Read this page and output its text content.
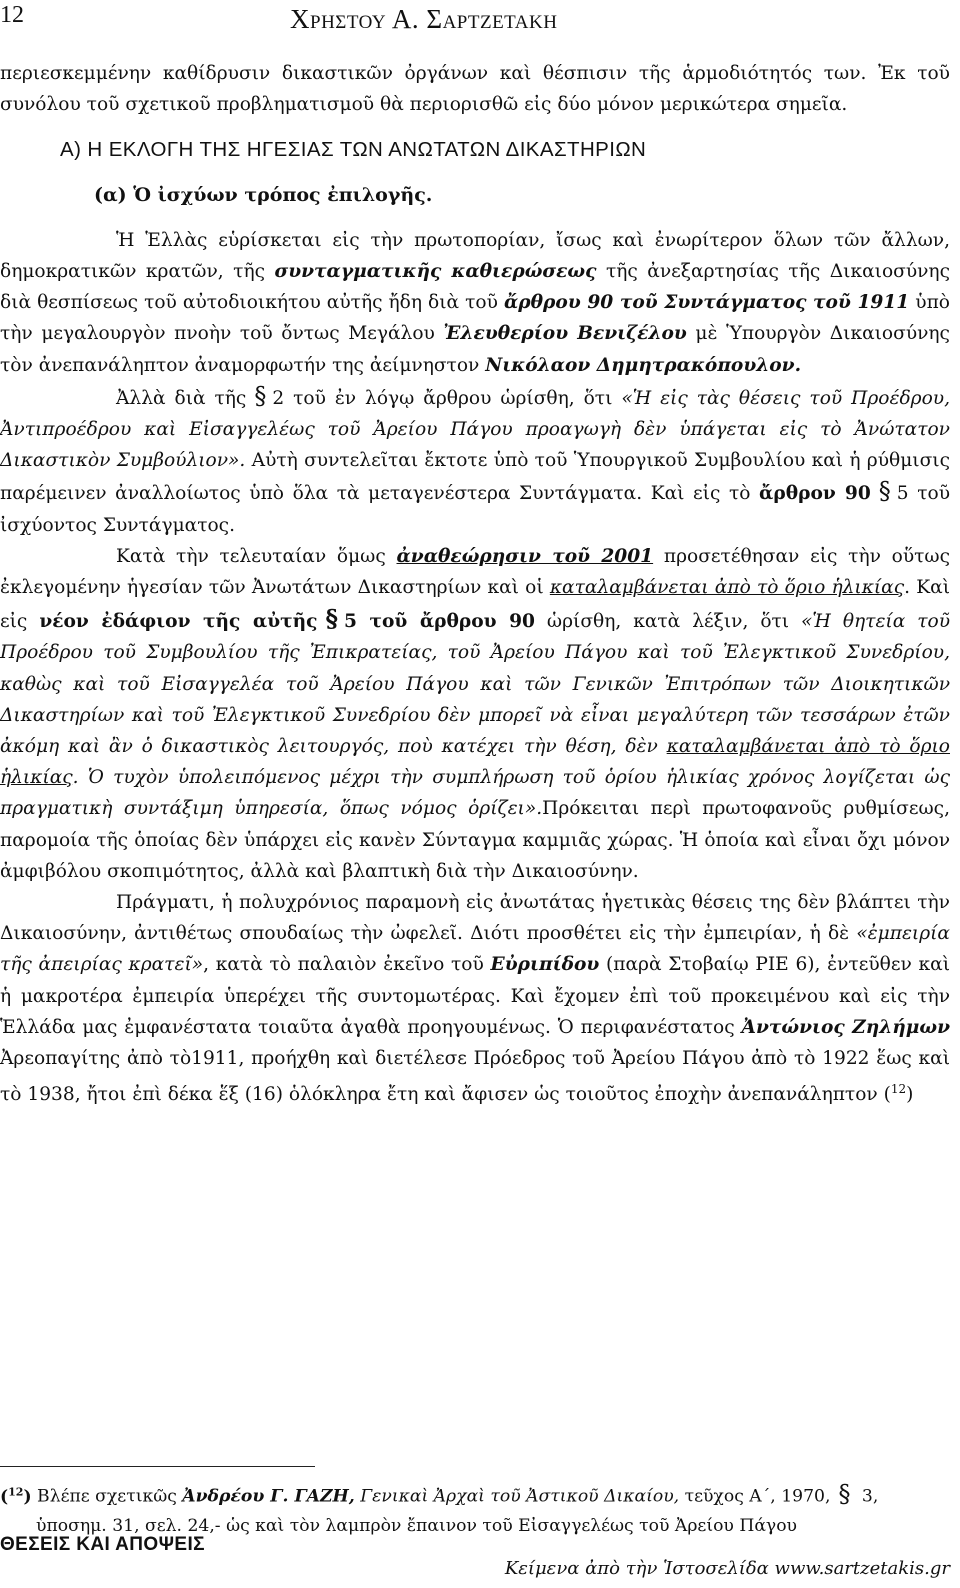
12	Χρηστου Α. Σαρτζετακη

περιεσκεμμένην καθίδρυσιν δικαστικῶν ὀργάνων καὶ θέσπισιν τῆς ἁρμοδιότητός των. Ἐκ τοῦ συνόλου τοῦ σχετικοῦ προβληματισμοῦ θὰ περιορισθῶ εἰς δύο μόνον μερικώτερα σημεῖα.

Α) Η ΕΚΛΟΓΗ ΤΗΣ ΗΓΕΣΙΑΣ ΤΩΝ ΑΝΩΤΑΤΩΝ ΔΙΚΑΣΤΗΡΙΩΝ

(α) Ὁ ἰσχύων τρόπος ἐπιλογῆς.

Ἡ Ἑλλὰς εὑρίσκεται εἰς τὴν πρωτοπορίαν, ἴσως καὶ ἐνωρίτερον ὅλων τῶν ἄλλων, δημοκρατικῶν κρατῶν, τῆς συνταγματικῆς καθιερώσεως τῆς ἀνεξαρτησίας τῆς Δικαιοσύνης διὰ θεσπίσεως τοῦ αὐτοδιοικήτου αὐτῆς ἤδη διὰ τοῦ ἄρθρου 90 τοῦ Συντάγματος τοῦ 1911 ὑπὸ τὴν μεγαλουργὸν πνοὴν τοῦ ὄντως Μεγάλου Ἐλευθερίου Βενιζέλου μὲ Ὑπουργὸν Δικαιοσύνης τὸν ἀνεπανάληπτον ἀναμορφωτήν της ἀείμνηστον Νικόλαον Δημητρακόπουλον.

Ἀλλὰ διὰ τῆς § 2 τοῦ ἐν λόγῳ ἄρθρου ὡρίσθη, ὅτι «Ἡ εἰς τὰς θέσεις τοῦ Προέδρου, Ἀντιπροέδρου καὶ Εἰσαγγελέως τοῦ Ἀρείου Πάγου προαγωγὴ δὲν ὑπάγεται εἰς τὸ Ἀνώτατον Δικαστικὸν Συμβούλιον». Αὐτὴ συντελεῖται ἔκτοτε ὑπὸ τοῦ Ὑπουργικοῦ Συμβουλίου καὶ ἡ ρύθμισις παρέμεινεν ἀναλλοίωτος ὑπὸ ὅλα τὰ μεταγενέστερα Συντάγματα. Καὶ εἰς τὸ ἄρθρον 90 § 5 τοῦ ἰσχύοντος Συντάγματος.

Κατὰ τὴν τελευταίαν ὅμως ἀναθεώρησιν τοῦ 2001 προσετέθησαν εἰς τὴν οὕτως ἐκλεγομένην ἡγεσίαν τῶν Ἀνωτάτων Δικαστηρίων καὶ οἱ καταλαμβάνεται ἀπὸ τὸ ὅριο ἡλικίας. Καὶ εἰς νέον ἐδάφιον τῆς αὐτῆς § 5 τοῦ ἄρθρου 90 ὡρίσθη, κατὰ λέξιν, ὅτι «Ἡ θητεία τοῦ Προέδρου τοῦ Συμβουλίου τῆς Ἐπικρατείας, τοῦ Ἀρείου Πάγου καὶ τοῦ Ἐλεγκτικοῦ Συνεδρίου, καθὼς καὶ τοῦ Εἰσαγγελέα τοῦ Ἀρείου Πάγου καὶ τῶν Γενικῶν Ἐπιτρόπων τῶν Διοικητικῶν Δικαστηρίων καὶ τοῦ Ἐλεγκτικοῦ Συνεδρίου δὲν μπορεῖ νὰ εἶναι μεγαλύτερη τῶν τεσσάρων ἐτῶν ἀκόμη καὶ ἂν ὁ δικαστικὸς λειτουργός, ποὺ κατέχει τὴν θέση, δὲν καταλαμβάνεται ἀπὸ τὸ ὅριο ἡλικίας. Ὁ τυχὸν ὑπολειπόμενος μέχρι τὴν συμπλήρωση τοῦ ὁρίου ἡλικίας χρόνος λογίζεται ὡς πραγματικὴ συντάξιμη ὑπηρεσία, ὅπως νόμος ὁρίζει».Πρόκειται περὶ πρωτοφανοῦς ρυθμίσεως, παρομοία τῆς ὁποίας δὲν ὑπάρχει εἰς κανὲν Σύνταγμα καμμιᾶς χώρας. Ἡ ὁποία καὶ εἶναι ὄχι μόνον ἀμφιβόλου σκοπιμότητος, ἀλλὰ καὶ βλαπτικὴ διὰ τὴν Δικαιοσύνην.

Πράγματι, ἡ πολυχρόνιος παραμονὴ εἰς ἀνωτάτας ἡγετικὰς θέσεις της δὲν βλάπτει τὴν Δικαιοσύνην, ἀντιθέτως σπουδαίως τὴν ὠφελεῖ. Διότι προσθέτει εἰς τὴν ἐμπειρίαν, ἡ δὲ «ἐμπειρία τῆς ἀπειρίας κρατεῖ», κατὰ τὸ παλαιὸν ἐκεῖνο τοῦ Εὐριπίδου (παρὰ Στοβαίῳ ΡΙΕ 6), ἐντεῦθεν καὶ ἡ μακροτέρα ἐμπειρία ὑπερέχει τῆς συντομωτέρας. Καὶ ἔχομεν ἐπὶ τοῦ προκειμένου καὶ εἰς τὴν Ἑλλάδα μας ἐμφανέστατα τοιαῦτα ἀγαθὰ προηγουμένως. Ὁ περιφανέστατος Ἀντώνιος Ζηλήμων Ἀρεοπαγίτης ἀπὸ τὸ1911, προήχθη καὶ διετέλεσε Πρόεδρος τοῦ Ἀρείου Πάγου ἀπὸ τὸ 1922 ἕως καὶ τὸ 1938, ἤτοι ἐπὶ δέκα ἕξ (16) ὁλόκληρα ἔτη καὶ ἄφισεν ὡς τοιοῦτος ἐποχὴν ἀνεπανάληπτον ($^{12}$)

($^{12}$) Βλέπε σχετικῶς Ἀνδρέου Γ. ΓΑΖΗ, Γενικαὶ Ἀρχαὶ τοῦ Ἀστικοῦ Δικαίου, τεῦχος Α΄, 1970, § 3,
ὑποσημ. 31, σελ. 24,- ὡς καὶ τὸν λαμπρὸν ἔπαινον τοῦ Εἰσαγγελέως τοῦ Ἀρείου Πάγου
ΘΕΣΕΙΣ ΚΑΙ ΑΠΟΨΕΙΣ
Κείμενα ἀπὸ τὴν Ἱστοσελίδα www.sartzetakis.gr
